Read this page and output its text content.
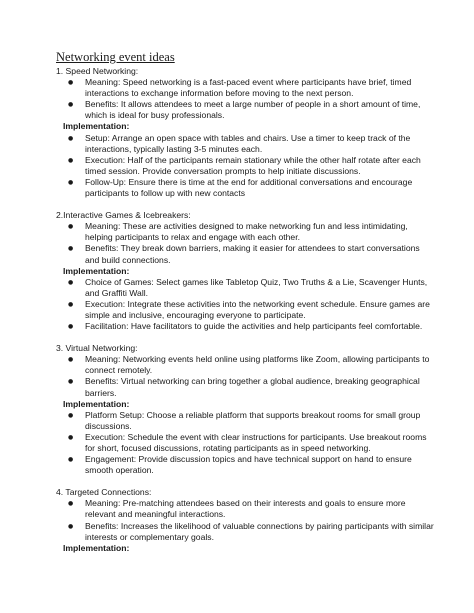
Networking event ideas
1. Speed Networking:
● Meaning: Speed networking is a fast-paced event where participants have brief, timed interactions to exchange information before moving to the next person.
● Benefits: It allows attendees to meet a large number of people in a short amount of time, which is ideal for busy professionals.
Implementation:
● Setup: Arrange an open space with tables and chairs. Use a timer to keep track of the interactions, typically lasting 3-5 minutes each.
● Execution: Half of the participants remain stationary while the other half rotate after each timed session. Provide conversation prompts to help initiate discussions.
● Follow-Up: Ensure there is time at the end for additional conversations and encourage participants to follow up with new contacts
2.Interactive Games & Icebreakers:
● Meaning: These are activities designed to make networking fun and less intimidating, helping participants to relax and engage with each other.
● Benefits: They break down barriers, making it easier for attendees to start conversations and build connections.
Implementation:
● Choice of Games: Select games like Tabletop Quiz, Two Truths & a Lie, Scavenger Hunts, and Graffiti Wall.
● Execution: Integrate these activities into the networking event schedule. Ensure games are simple and inclusive, encouraging everyone to participate.
● Facilitation: Have facilitators to guide the activities and help participants feel comfortable.
3. Virtual Networking:
● Meaning: Networking events held online using platforms like Zoom, allowing participants to connect remotely.
● Benefits: Virtual networking can bring together a global audience, breaking geographical barriers.
Implementation:
● Platform Setup: Choose a reliable platform that supports breakout rooms for small group discussions.
● Execution: Schedule the event with clear instructions for participants. Use breakout rooms for short, focused discussions, rotating participants as in speed networking.
● Engagement: Provide discussion topics and have technical support on hand to ensure smooth operation.
4. Targeted Connections:
● Meaning: Pre-matching attendees based on their interests and goals to ensure more relevant and meaningful interactions.
● Benefits: Increases the likelihood of valuable connections by pairing participants with similar interests or complementary goals.
Implementation:
